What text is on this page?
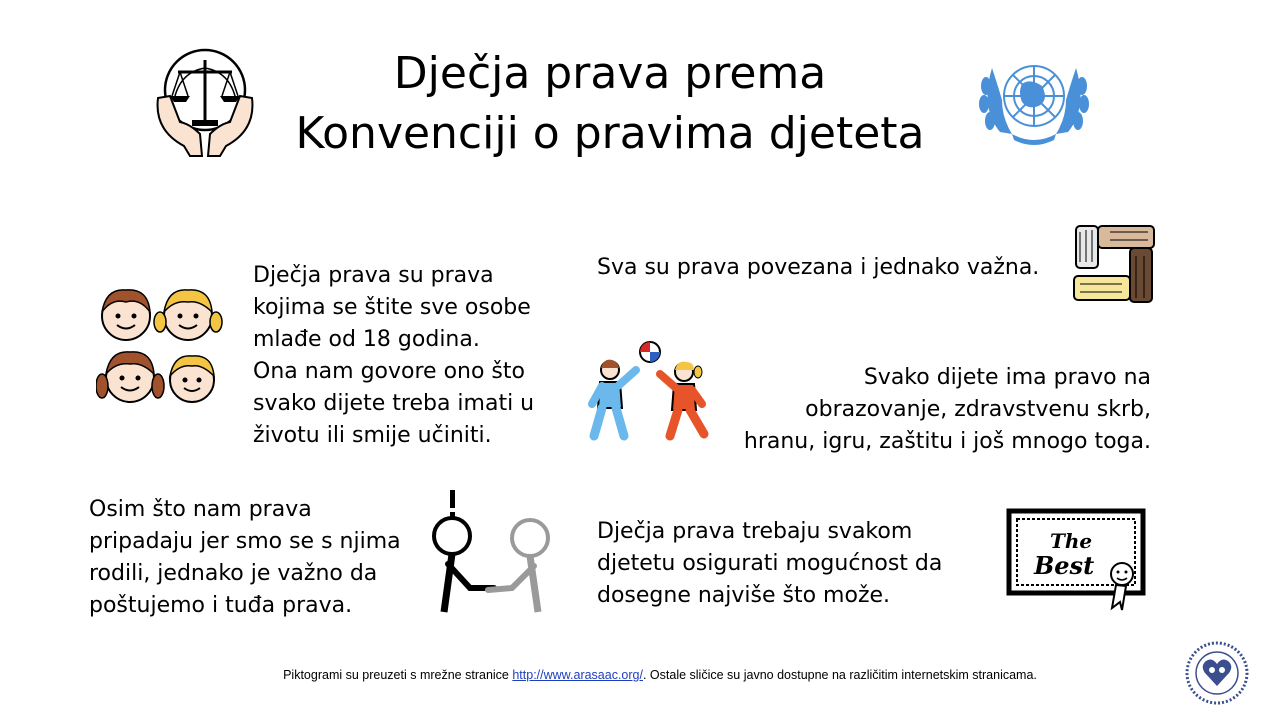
Dječja prava prema
Konvenciji o pravima djeteta
Dječja prava su prava
kojima se štite sve osobe
mlađe od 18 godina.
Ona nam govore ono što
svako dijete treba imati u
životu ili smije učiniti.
Sva su prava povezana i jednako važna.
Svako dijete ima pravo na
obrazovanje, zdravstvenu skrb,
hranu, igru, zaštitu i još mnogo toga.
Osim što nam prava
pripadaju jer smo se s njima
rodili, jednako je važno da
poštujemo i tuđa prava.
Dječja prava trebaju svakom
djetetu osigurati mogućnost da
dosegne najviše što može.
The
Best
Piktogrami su preuzeti s mrežne stranice http://www.arasaac.org/. Ostale sličice su javno dostupne na različitim internetskim stranicama.
